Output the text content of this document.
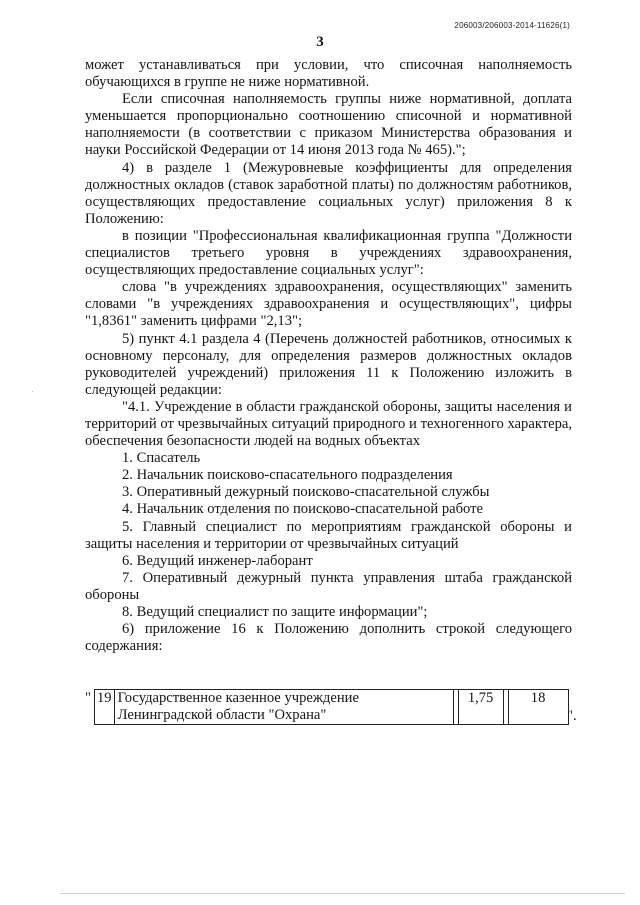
206003/206003-2014-11626(1)
3
·

может устанавливаться при условии, что списочная наполняемость обучающихся в группе не ниже нормативной.

Если списочная наполняемость группы ниже нормативной, доплата уменьшается пропорционально соотношению списочной и нормативной наполняемости (в соответствии с приказом Министерства образования и науки Российской Федерации от 14 июня 2013 года № 465).";

4) в разделе 1 (Межуровневые коэффициенты для определения должностных окладов (ставок заработной платы) по должностям работников, осуществляющих предоставление социальных услуг) приложения 8 к Положению:

в позиции "Профессиональная квалификационная группа "Должности специалистов третьего уровня в учреждениях здравоохранения, осуществляющих предоставление социальных услуг":

слова "в учреждениях здравоохранения, осуществляющих" заменить словами "в учреждениях здравоохранения и осуществляющих", цифры "1,8361" заменить цифрами "2,13";

5) пункт 4.1 раздела 4 (Перечень должностей работников, относимых к основному персоналу, для определения размеров должностных окладов руководителей учреждений) приложения 11 к Положению изложить в следующей редакции:

"4.1. Учреждение в области гражданской обороны, защиты населения и территорий от чрезвычайных ситуаций природного и техногенного характера, обеспечения безопасности людей на водных объектах

1. Спасатель

2. Начальник поисково-спасательного подразделения

3. Оперативный дежурный поисково-спасательной службы

4. Начальник отделения по поисково-спасательной работе

5. Главный специалист по мероприятиям гражданской обороны и защиты населения и территории от чрезвычайных ситуаций

6. Ведущий инженер-лаборант

7. Оперативный дежурный пункта управления штаба гражданской обороны

8. Ведущий специалист по защите информации";

6) приложение 16 к Положению дополнить строкой следующего содержания:

" 19	Государственное казенное учреждение
Ленинградской области "Охрана"
		1,75		18
".
